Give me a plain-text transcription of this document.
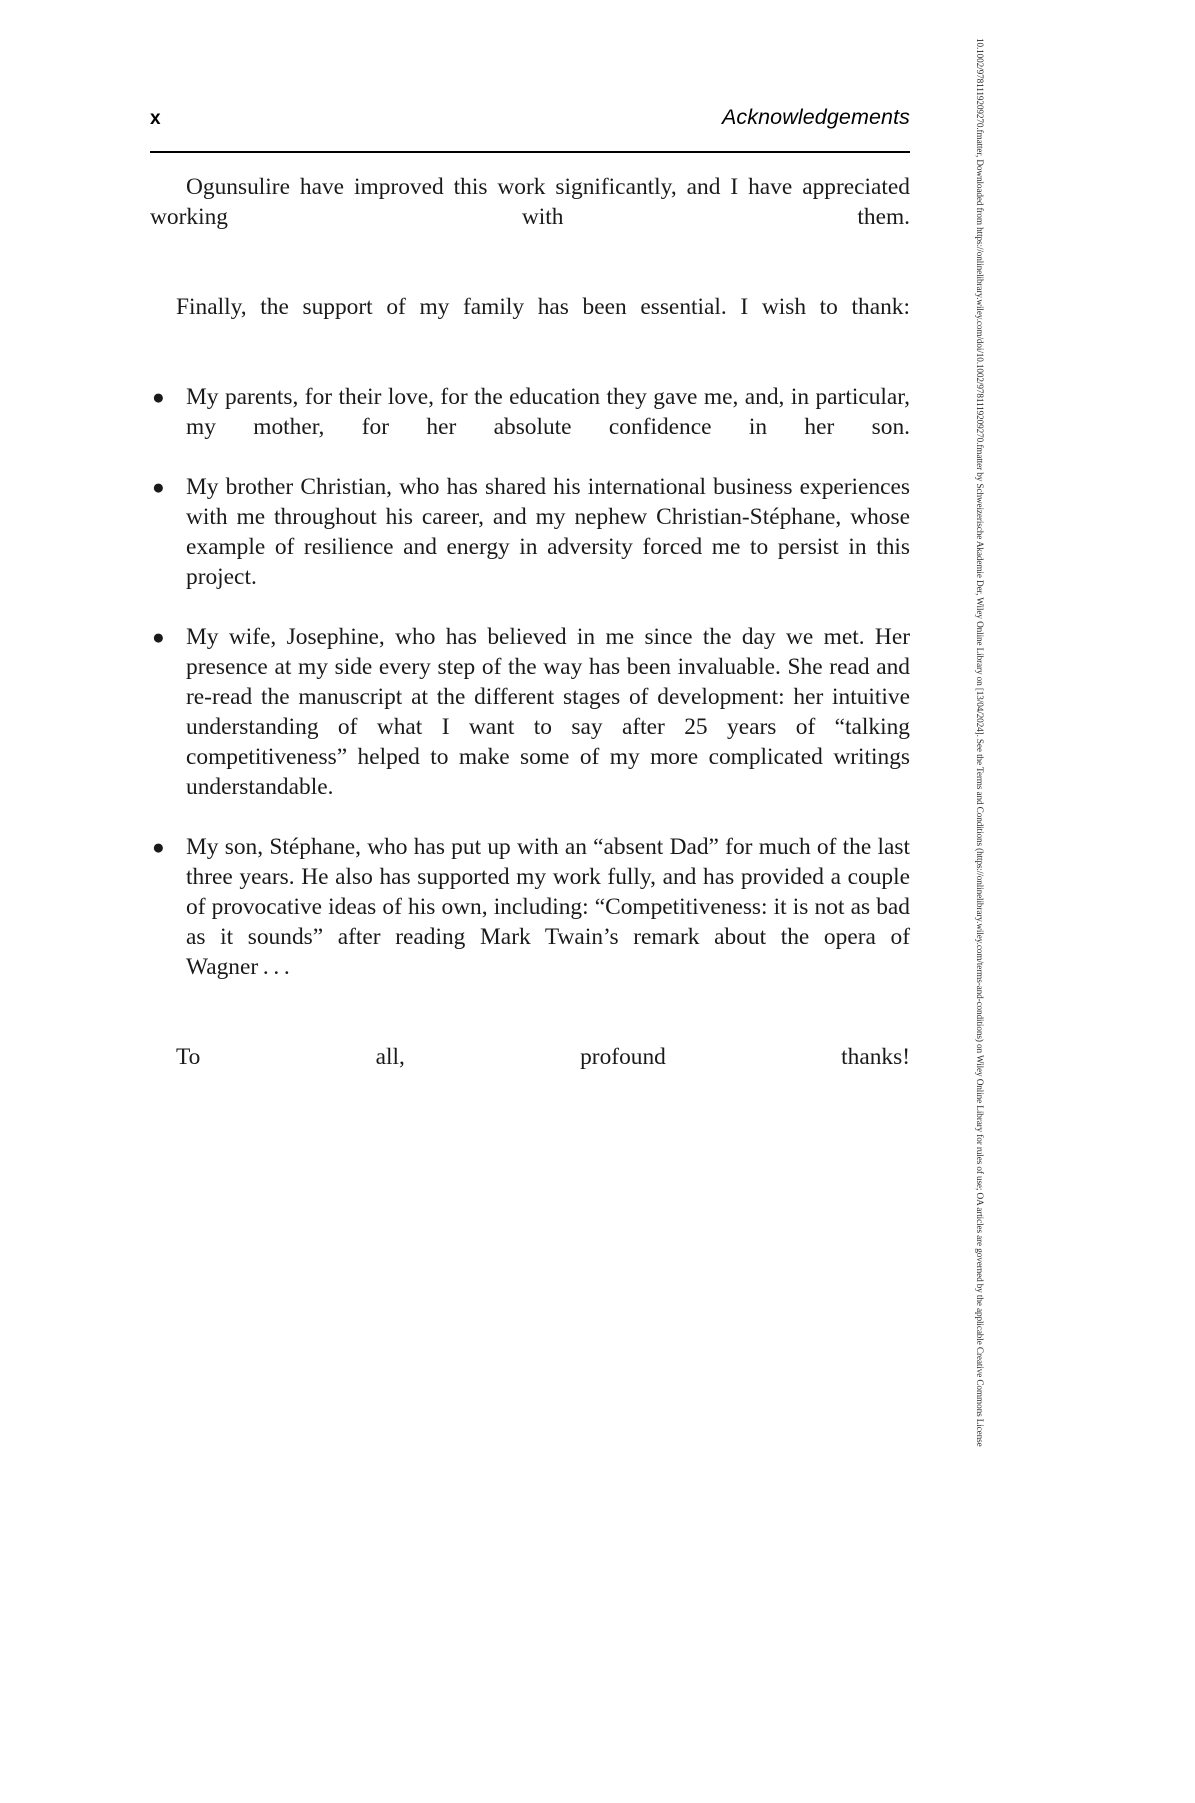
x	Acknowledgements

Ogunsulire have improved this work significantly, and I have appreciated working with them.

Finally, the support of my family has been essential. I wish to thank:

● My parents, for their love, for the education they gave me, and, in particular, my mother, for her absolute confidence in her son.
● My brother Christian, who has shared his international business experiences with me throughout his career, and my nephew Christian-Stéphane, whose example of resilience and energy in adversity forced me to persist in this project.
● My wife, Josephine, who has believed in me since the day we met. Her presence at my side every step of the way has been invaluable. She read and re-read the manuscript at the different stages of development: her intuitive understanding of what I want to say after 25 years of “talking competitiveness” helped to make some of my more complicated writings understandable.
● My son, Stéphane, who has put up with an “absent Dad” for much of the last three years. He also has supported my work fully, and has provided a couple of provocative ideas of his own, including: “Competitiveness: it is not as bad as it sounds” after reading Mark Twain’s remark about the opera of Wagner . . .

To all, profound thanks!	10.1002/9781119209270.fmatter, Downloaded from https://onlinelibrary.wiley.com/doi/10.1002/9781119209270.fmatter by Schweizerische Akademie Der, Wiley Online Library on [13/04/2024]. See the Terms and Conditions (https://onlinelibrary.wiley.com/terms-and-conditions) on Wiley Online Library for rules of use; OA articles are governed by the applicable Creative Commons License
